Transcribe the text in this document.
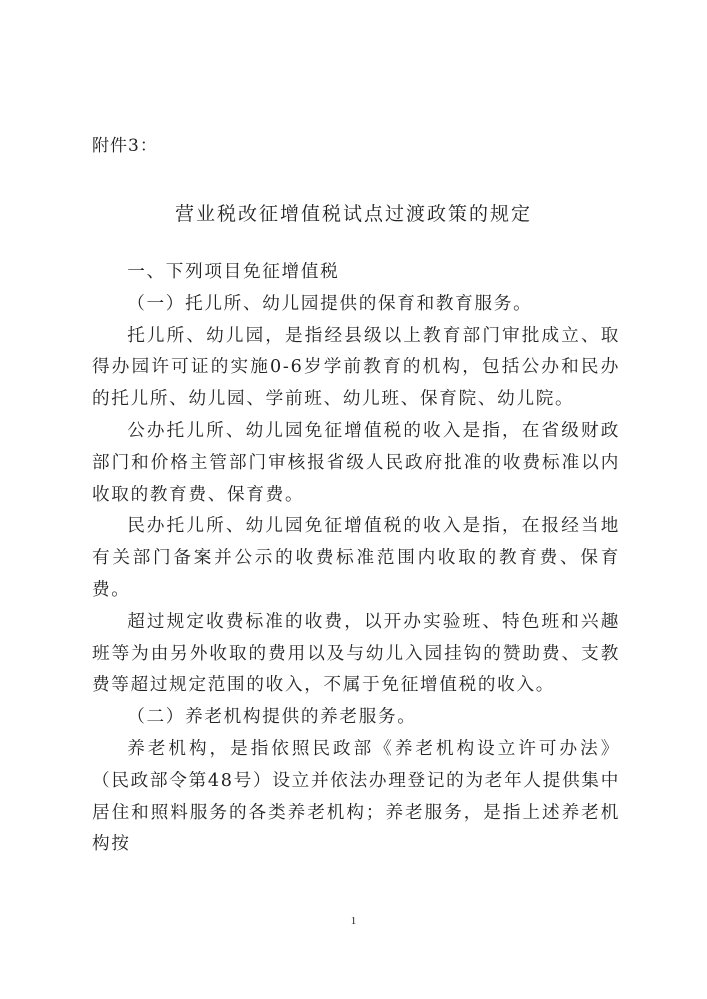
附件3：
营业税改征增值税试点过渡政策的规定

一、下列项目免征增值税

（一）托儿所、幼儿园提供的保育和教育服务。

托儿所、幼儿园，是指经县级以上教育部门审批成立、取得办园许可证的实施0-6岁学前教育的机构，包括公办和民办的托儿所、幼儿园、学前班、幼儿班、保育院、幼儿院。

公办托儿所、幼儿园免征增值税的收入是指，在省级财政部门和价格主管部门审核报省级人民政府批准的收费标准以内收取的教育费、保育费。

民办托儿所、幼儿园免征增值税的收入是指，在报经当地有关部门备案并公示的收费标准范围内收取的教育费、保育费。

超过规定收费标准的收费，以开办实验班、特色班和兴趣班等为由另外收取的费用以及与幼儿入园挂钩的赞助费、支教费等超过规定范围的收入，不属于免征增值税的收入。

（二）养老机构提供的养老服务。

养老机构，是指依照民政部《养老机构设立许可办法》（民政部令第48号）设立并依法办理登记的为老年人提供集中居住和照料服务的各类养老机构；养老服务，是指上述养老机构按

1
